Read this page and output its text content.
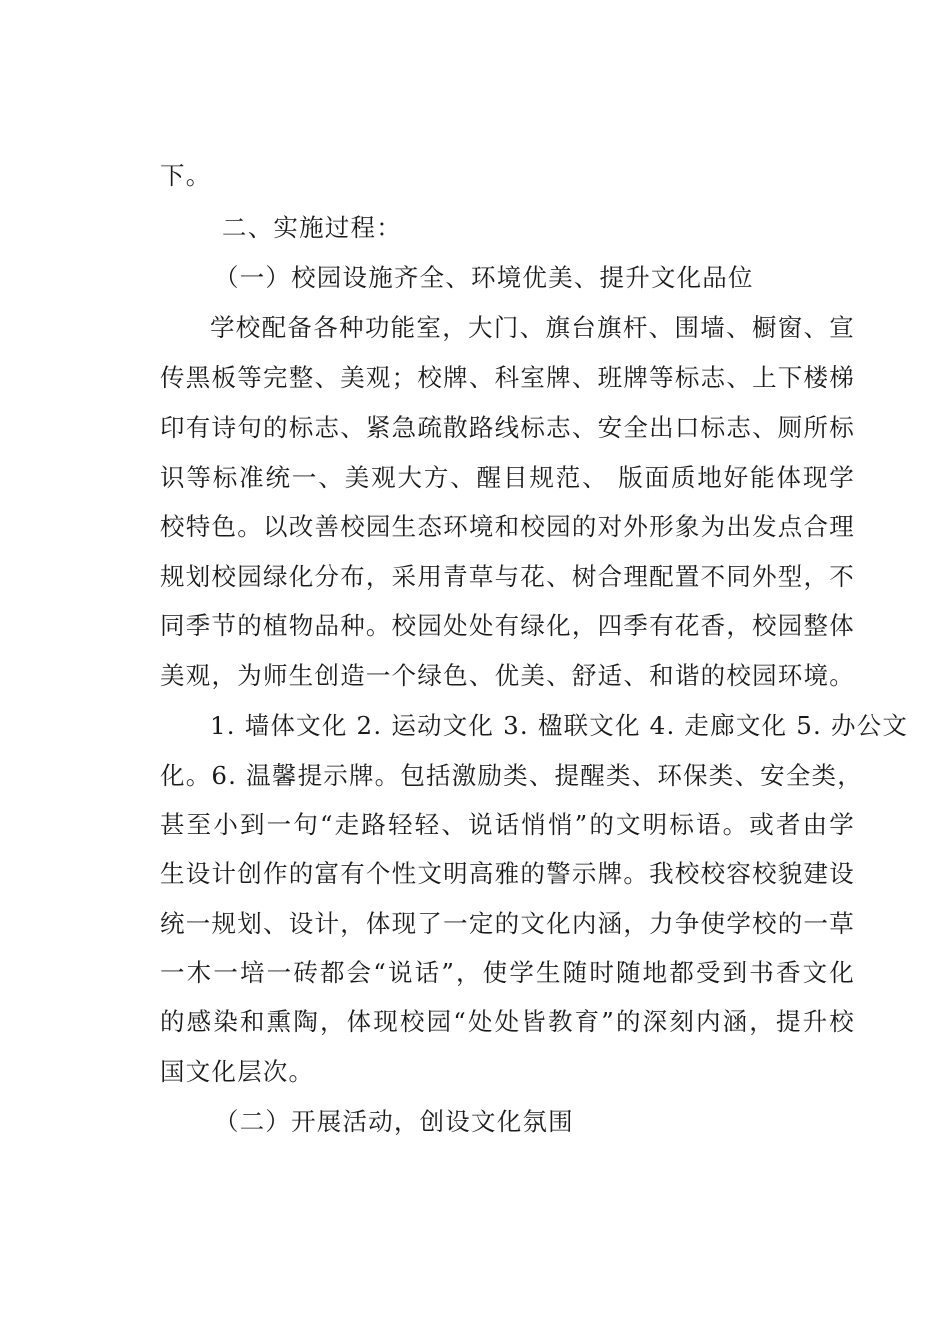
下。
二、实施过程：
（一）校园设施齐全、环境优美、提升文化品位
学校配备各种功能室，大门、旗台旗杆、围墙、橱窗、宣
传黑板等完整、美观；校牌、科室牌、班牌等标志、上下楼梯
印有诗句的标志、紧急疏散路线标志、安全出口标志、厕所标
识等标准统一、美观大方、醒目规范、 版面质地好能体现学
校特色。以改善校园生态环境和校园的对外形象为出发点合理
规划校园绿化分布，采用青草与花、树合理配置不同外型，不
同季节的植物品种。校园处处有绿化，四季有花香，校园整体
美观，为师生创造一个绿色、优美、舒适、和谐的校园环境。
1. 墙体文化 2. 运动文化 3. 楹联文化 4. 走廊文化 5. 办公文
化。6. 温馨提示牌。包括激励类、提醒类、环保类、安全类，
甚至小到一句“走路轻轻、说话悄悄”的文明标语。或者由学
生设计创作的富有个性文明高雅的警示牌。我校校容校貌建设
统一规划、设计，体现了一定的文化内涵，力争使学校的一草
一木一培一砖都会“说话”，使学生随时随地都受到书香文化
的感染和熏陶，体现校园“处处皆教育”的深刻内涵，提升校
国文化层次。
（二）开展活动，创设文化氛围
